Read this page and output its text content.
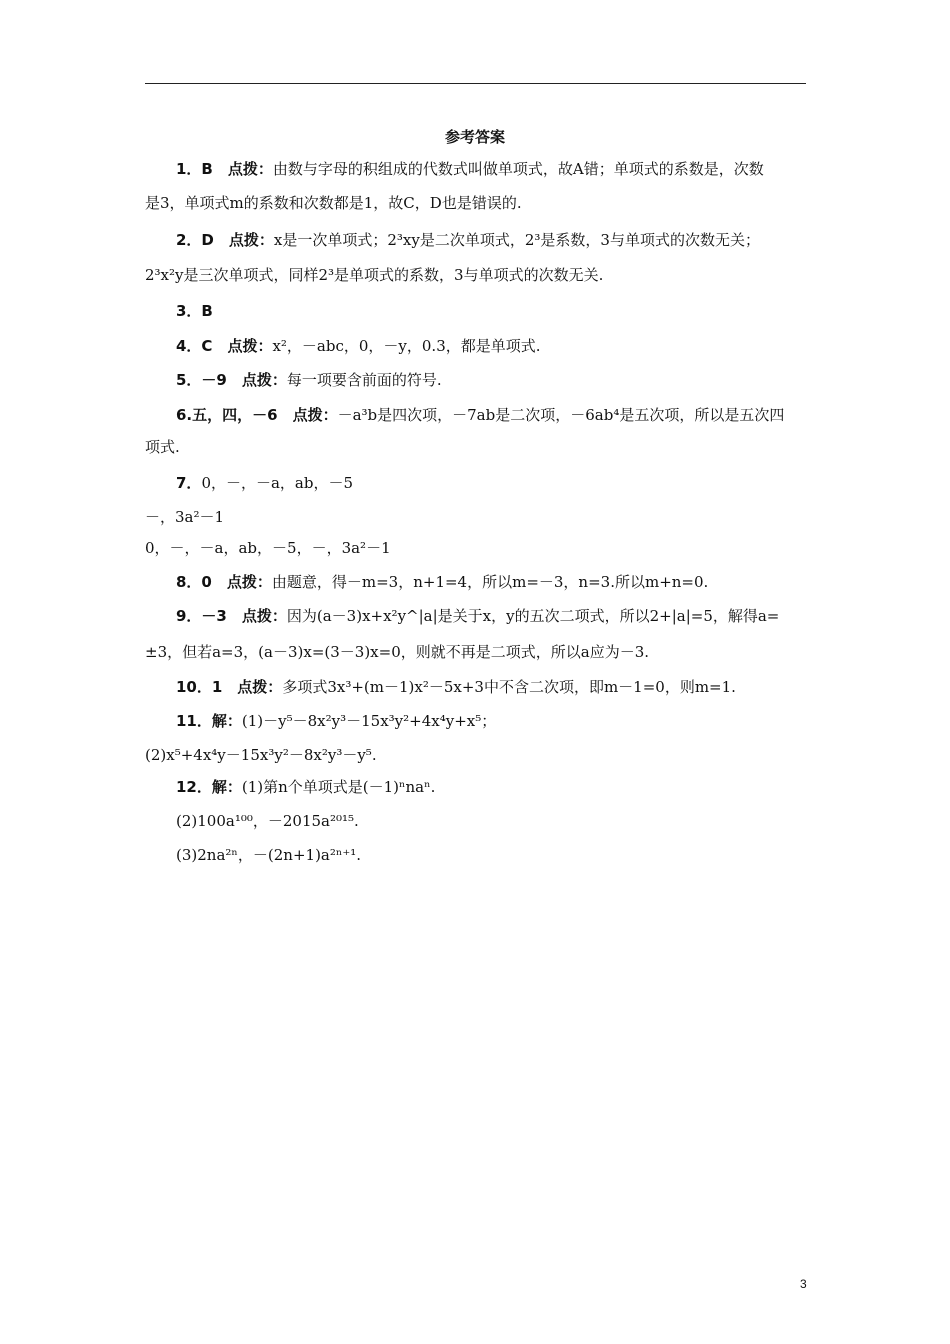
参考答案
1．B　点拨：由数与字母的积组成的代数式叫做单项式，故A错；单项式的系数是，次数
是3，单项式m的系数和次数都是1，故C，D也是错误的.
2．D　点拨：x是一次单项式；2³xy是二次单项式，2³是系数，3与单项式的次数无关；
2³x²y是三次单项式，同样2³是单项式的系数，3与单项式的次数无关.
3．B
4．C　点拨：x²，－abc，0，－y，0.3，都是单项式.
5．－9　点拨：每一项要含前面的符号.
6.五，四，－6　点拨：－a³b是四次项，－7ab是二次项，－6ab⁴是五次项，所以是五次四
项式.
7．0，－，－a，ab，－5
－，3a²－1
0，－，－a，ab，－5，－，3a²－1
8．0　点拨：由题意，得－m=3，n+1=4，所以m=－3，n=3.所以m+n=0.
9．－3　点拨：因为(a－3)x+x²y^|a|是关于x，y的五次二项式，所以2+|a|=5，解得a=
±3，但若a=3，(a－3)x=(3－3)x=0，则就不再是二项式，所以a应为－3.
10．1　点拨：多项式3x³+(m－1)x²－5x+3中不含二次项，即m－1=0，则m=1.
11．解：(1)－y⁵－8x²y³－15x³y²+4x⁴y+x⁵；
(2)x⁵+4x⁴y－15x³y²－8x²y³－y⁵.
12．解：(1)第n个单项式是(－1)ⁿnaⁿ.
(2)100a¹⁰⁰，－2015a²⁰¹⁵.
(3)2na²ⁿ，－(2n+1)a²ⁿ⁺¹.
3
